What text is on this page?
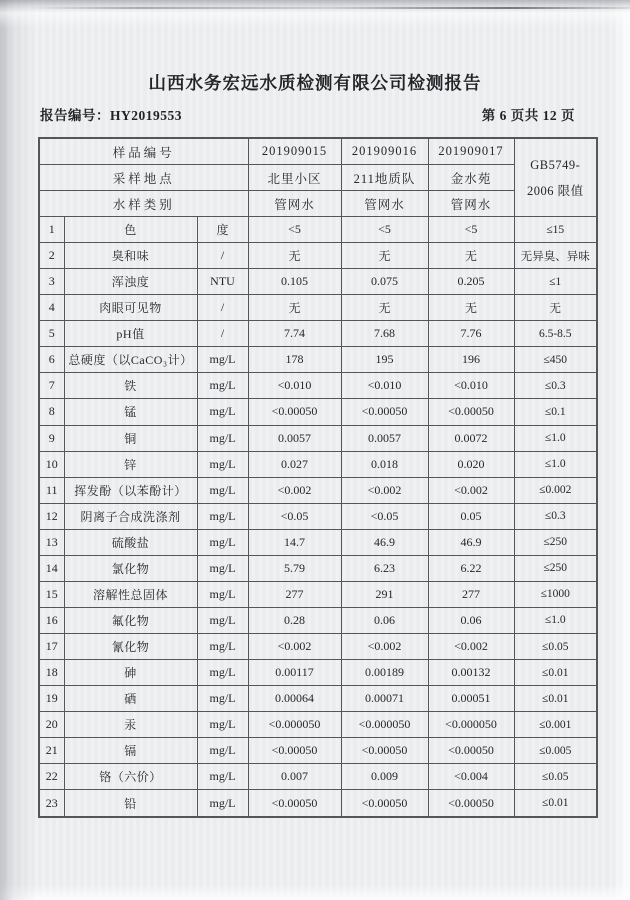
山西水务宏远水质检测有限公司检测报告
报告编号：HY2019553	第 6 页共 12 页
样品编号			201909015	201909016	201909017	GB5749-
2006 限值

采样地点			北里小区	211地质队	金水苑	
水样类别			管网水	管网水	管网水	
1	色	度	<5	<5	<5	≤15
2	臭和味	/	无	无	无	无异臭、异味
3	浑浊度	NTU	0.105	0.075	0.205	≤1
4	肉眼可见物	/	无	无	无	无
5	pH值	/	7.74	7.68	7.76	6.5-8.5
6	总硬度（以CaCO₃计）	mg/L	178	195	196	≤450
7	铁	mg/L	<0.010	<0.010	<0.010	≤0.3
8	锰	mg/L	<0.00050	<0.00050	<0.00050	≤0.1
9	铜	mg/L	0.0057	0.0057	0.0072	≤1.0
10	锌	mg/L	0.027	0.018	0.020	≤1.0
11	挥发酚（以苯酚计）	mg/L	<0.002	<0.002	<0.002	≤0.002
12	阴离子合成洗涤剂	mg/L	<0.05	<0.05	0.05	≤0.3
13	硫酸盐	mg/L	14.7	46.9	46.9	≤250
14	氯化物	mg/L	5.79	6.23	6.22	≤250
15	溶解性总固体	mg/L	277	291	277	≤1000
16	氟化物	mg/L	0.28	0.06	0.06	≤1.0
17	氰化物	mg/L	<0.002	<0.002	<0.002	≤0.05
18	砷	mg/L	0.00117	0.00189	0.00132	≤0.01
19	硒	mg/L	0.00064	0.00071	0.00051	≤0.01
20	汞	mg/L	<0.000050	<0.000050	<0.000050	≤0.001
21	镉	mg/L	<0.00050	<0.00050	<0.00050	≤0.005
22	铬（六价）	mg/L	0.007	0.009	<0.004	≤0.05
23	铅	mg/L	<0.00050	<0.00050	<0.00050	≤0.01
